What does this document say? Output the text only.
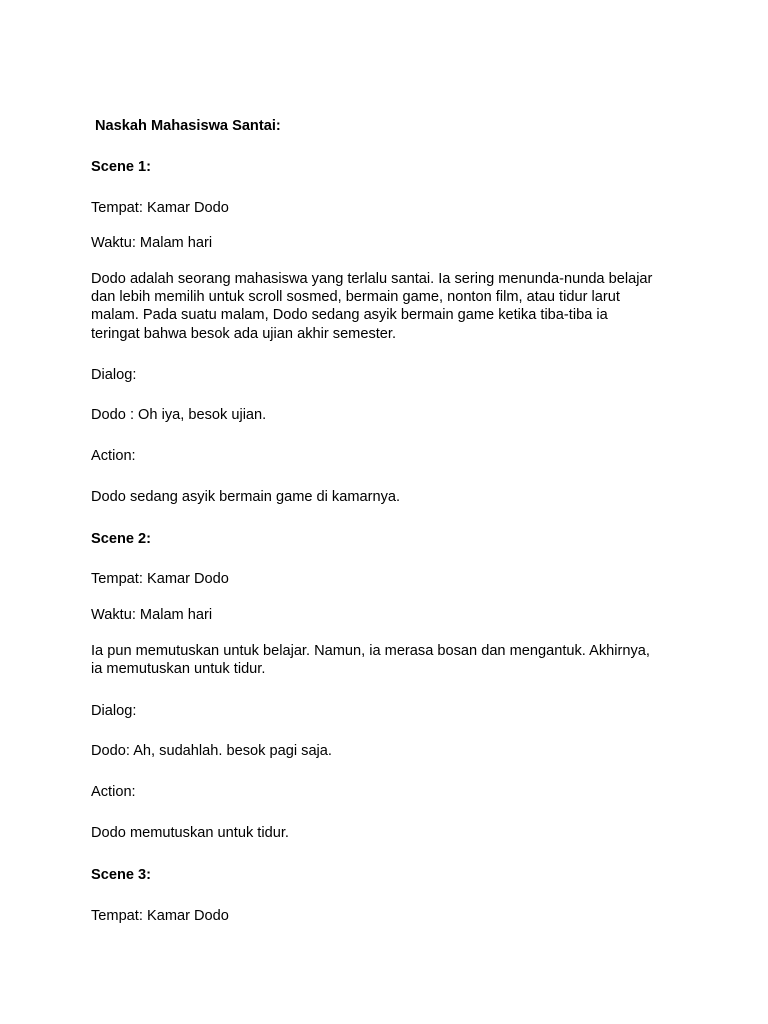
Naskah Mahasiswa Santai:
Scene 1:
Tempat: Kamar Dodo
Waktu: Malam hari
Dodo adalah seorang mahasiswa yang terlalu santai. Ia sering menunda-nunda belajar
dan lebih memilih untuk scroll sosmed, bermain game, nonton film, atau tidur larut
malam. Pada suatu malam, Dodo sedang asyik bermain game ketika tiba-tiba ia
teringat bahwa besok ada ujian akhir semester.
Dialog:
Dodo : Oh iya, besok ujian.
Action:
Dodo sedang asyik bermain game di kamarnya.
Scene 2:
Tempat: Kamar Dodo
Waktu: Malam hari
Ia pun memutuskan untuk belajar. Namun, ia merasa bosan dan mengantuk. Akhirnya,
ia memutuskan untuk tidur.
Dialog:
Dodo: Ah, sudahlah. besok pagi saja.
Action:
Dodo memutuskan untuk tidur.
Scene 3:
Tempat: Kamar Dodo
